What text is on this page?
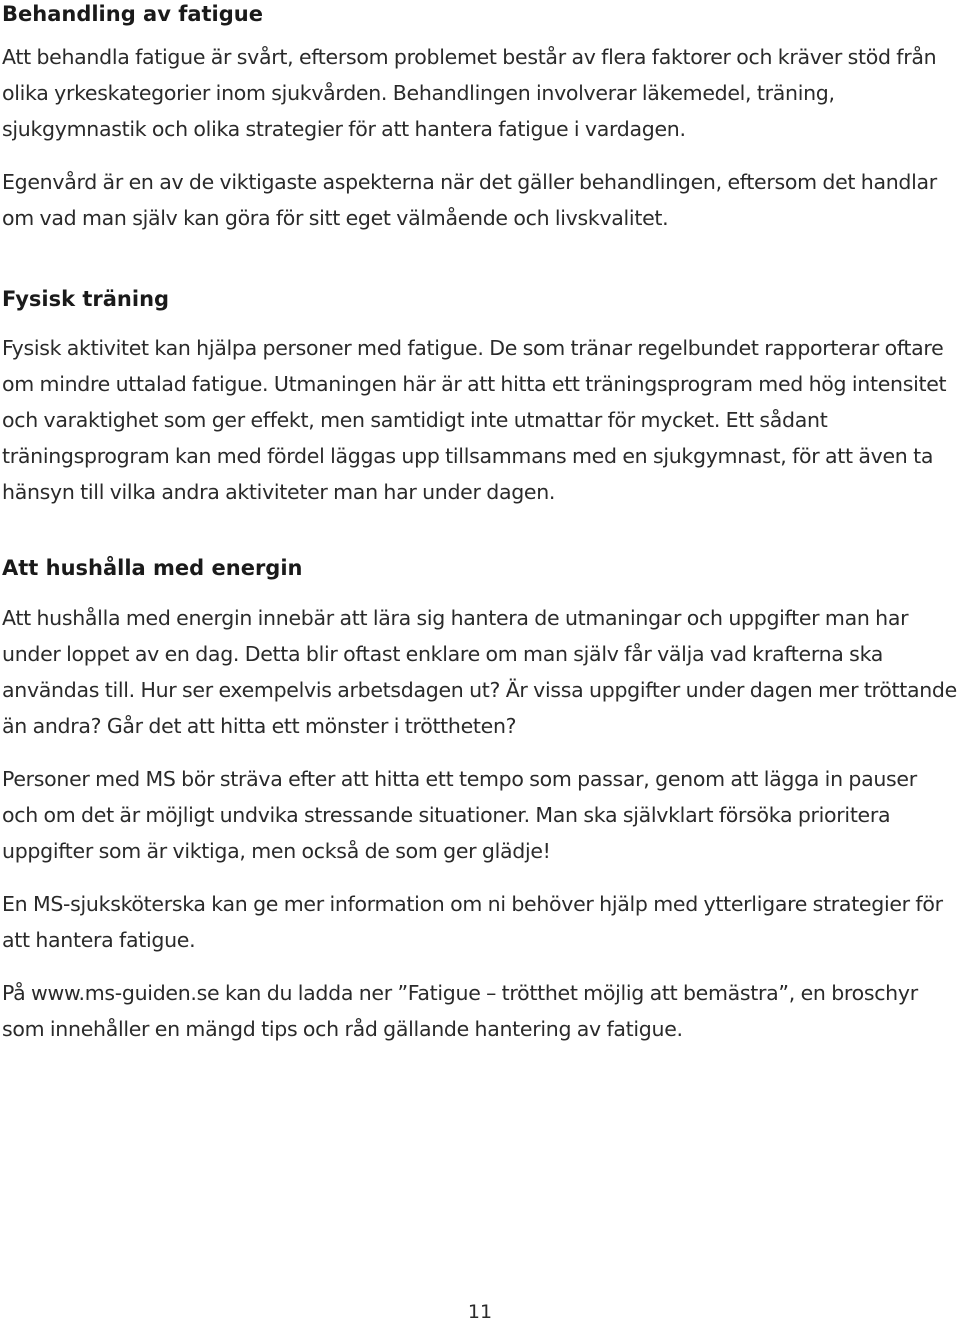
Behandling av fatigue

Att behandla fatigue är svårt, eftersom problemet består av flera faktorer och kräver stöd från olika yrkeskategorier inom sjukvården. Behandlingen involverar läkemedel, träning, sjukgymnastik och olika strategier för att hantera fatigue i vardagen.

Egenvård är en av de viktigaste aspekterna när det gäller behandlingen, eftersom det handlar om vad man själv kan göra för sitt eget välmående och livskvalitet.

Fysisk träning

Fysisk aktivitet kan hjälpa personer med fatigue. De som tränar regelbundet rapporterar oftare om mindre uttalad fatigue. Utmaningen här är att hitta ett träningsprogram med hög intensitet och varaktighet som ger effekt, men samtidigt inte utmattar för mycket. Ett sådant träningsprogram kan med fördel läggas upp tillsammans med en sjukgymnast, för att även ta hänsyn till vilka andra aktiviteter man har under dagen.

Att hushålla med energin

Att hushålla med energin innebär att lära sig hantera de utmaningar och uppgifter man har under loppet av en dag. Detta blir oftast enklare om man själv får välja vad krafterna ska användas till. Hur ser exempelvis arbetsdagen ut? Är vissa uppgifter under dagen mer tröttande än andra? Går det att hitta ett mönster i tröttheten?

Personer med MS bör sträva efter att hitta ett tempo som passar, genom att lägga in pauser och om det är möjligt undvika stressande situationer. Man ska självklart försöka prioritera uppgifter som är viktiga, men också de som ger glädje!

En MS-sjuksköterska kan ge mer information om ni behöver hjälp med ytterligare strategier för att hantera fatigue.

På www.ms-guiden.se kan du ladda ner ”Fatigue – trötthet möjlig att bemästra”, en broschyr som innehåller en mängd tips och råd gällande hantering av fatigue.

11
